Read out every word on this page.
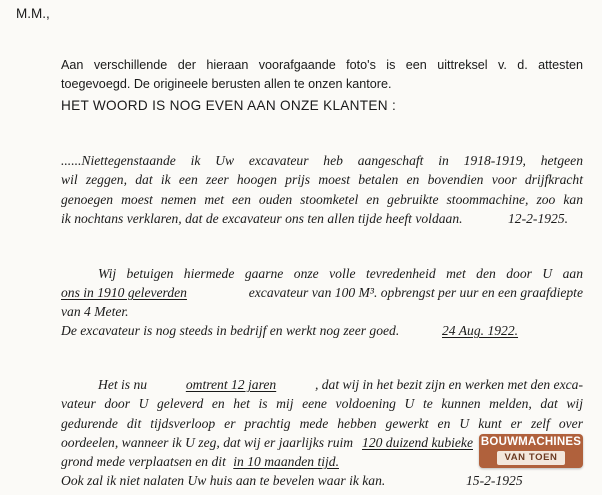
M.M.,
Aan verschillende der hieraan voorafgaande foto's is een uittreksel v. d. attesten
toegevoegd. De origineele berusten allen te onzen kantore.
HET WOORD IS NOG EVEN AAN ONZE KLANTEN :
......Niettegenstaande ik Uw excavateur heb aangeschaft in 1918-1919, hetgeen
wil zeggen, dat ik een zeer hoogen prijs moest betalen en bovendien voor drijfkracht
genoegen moest nemen met een ouden stoomketel en gebruikte stoommachine, zoo kan
ik nochtans verklaren, dat de excavateur ons ten allen tijde heeft voldaan.	12-2-1925.
Wij betuigen hiermede gaarne onze volle tevredenheid met den door U aan
ons in 1910 geleverden	excavateur van 100 M³. opbrengst per uur en een graafdiepte
van 4 Meter.
De excavateur is nog steeds in bedrijf en werkt nog zeer goed.	24 Aug. 1922.
Het is nu	omtrent 12 jaren	, dat wij in het bezit zijn en werken met den exca-
vateur door U geleverd en het is mij eene voldoening U te kunnen melden, dat wij
gedurende dit tijdsverloop er prachtig mede hebben gewerkt en U kunt er zelf over
oordeelen, wanneer ik U zeg, dat wij er jaarlijks ruim 120 duizend kubieke
grond mede verplaatsen en dit in 10 maanden tijd.
Ook zal ik niet nalaten Uw huis aan te bevelen waar ik kan.	15-2-1925
BOUWMACHINES
VAN TOEN
